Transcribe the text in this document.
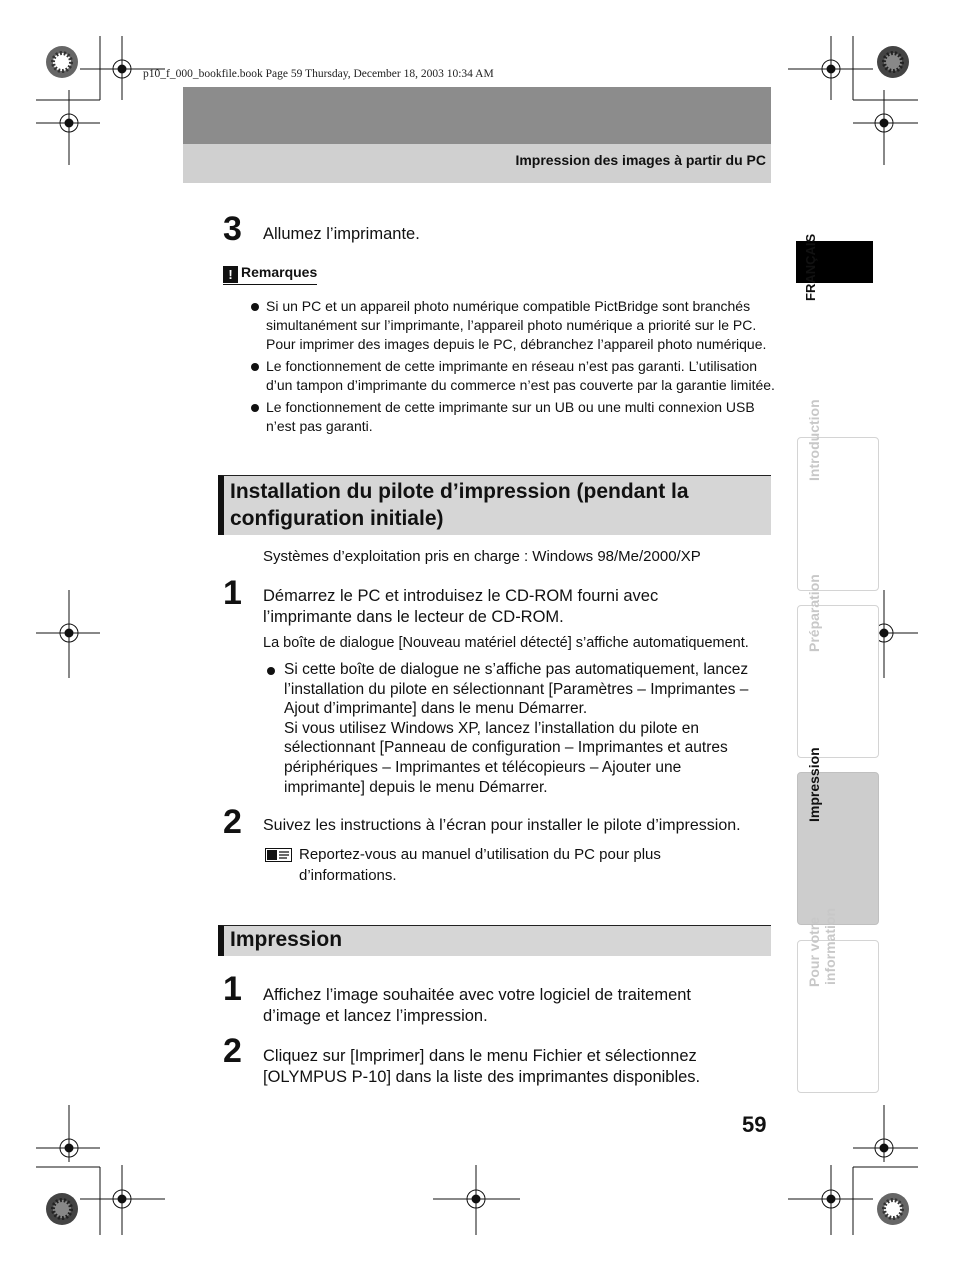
p10_f_000_bookfile.book Page 59 Thursday, December 18, 2003 10:34 AM
Impression des images à partir du PC
FRANÇAIS
Introduction
Préparation
Impression
Pour votre information
3 Allumez l’imprimante.
! Remarques
Si un PC et un appareil photo numérique compatible PictBridge sont branchés
simultanément sur l’imprimante, l’appareil photo numérique a priorité sur le PC.
Pour imprimer des images depuis le PC, débranchez l’appareil photo numérique.
Le fonctionnement de cette imprimante en réseau n’est pas garanti. L’utilisation
d’un tampon d’imprimante du commerce n’est pas couverte par la garantie limitée.
Le fonctionnement de cette imprimante sur un UB ou une multi connexion USB
n’est pas garanti.
Installation du pilote d’impression (pendant la
configuration initiale)
Systèmes d’exploitation pris en charge : Windows 98/Me/2000/XP
1 Démarrez le PC et introduisez le CD-ROM fourni avec
l’imprimante dans le lecteur de CD-ROM.
La boîte de dialogue [Nouveau matériel détecté] s’affiche automatiquement.
Si cette boîte de dialogue ne s’affiche pas automatiquement, lancez
l’installation du pilote en sélectionnant [Paramètres – Imprimantes –
Ajout d’imprimante] dans le menu Démarrer.
Si vous utilisez Windows XP, lancez l’installation du pilote en
sélectionnant [Panneau de configuration – Imprimantes et autres
périphériques – Imprimantes et télécopieurs – Ajouter une
imprimante] depuis le menu Démarrer.
2 Suivez les instructions à l’écran pour installer le pilote d’impression.
Reportez-vous au manuel d’utilisation du PC pour plus
d’informations.
Impression
1 Affichez l’image souhaitée avec votre logiciel de traitement
d’image et lancez l’impression.
2 Cliquez sur [Imprimer] dans le menu Fichier et sélectionnez
[OLYMPUS P-10] dans la liste des imprimantes disponibles.
59
